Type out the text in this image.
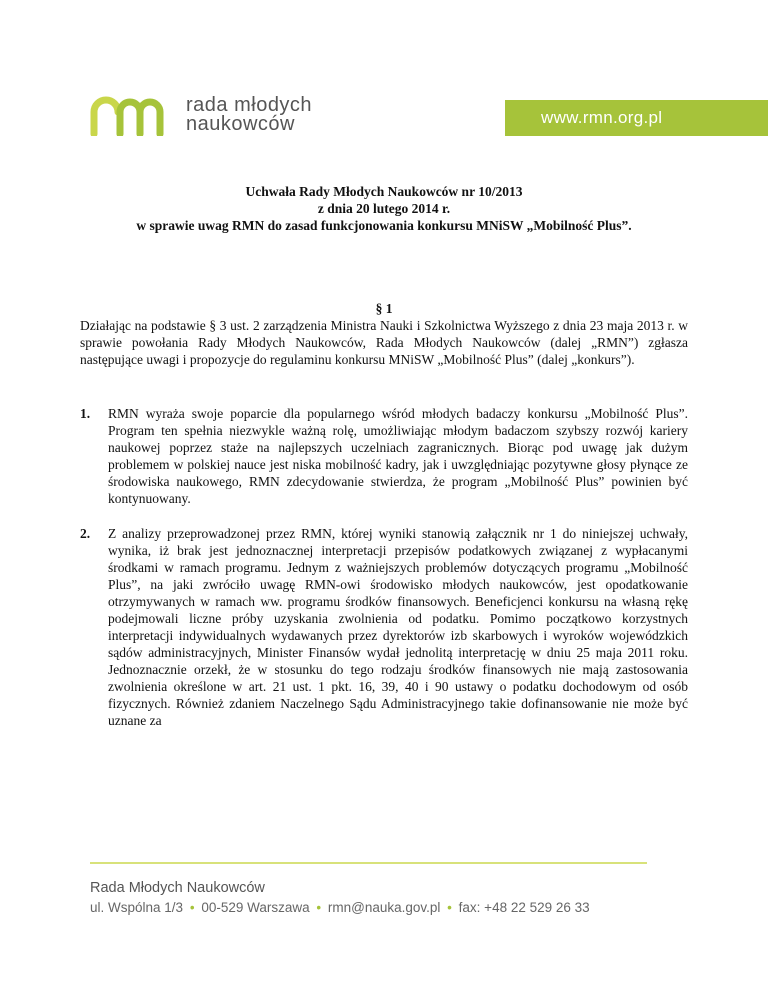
rada młodych
naukowców	www.rmn.org.pl
Uchwała Rady Młodych Naukowców nr 10/2013
z dnia 20 lutego 2014 r.
w sprawie uwag RMN do zasad funkcjonowania konkursu MNiSW „Mobilność Plus”.
§ 1
Działając na podstawie § 3 ust. 2 zarządzenia Ministra Nauki i Szkolnictwa Wyższego z dnia 23 maja 2013 r. w sprawie powołania Rady Młodych Naukowców, Rada Młodych Naukowców (dalej „RMN”) zgłasza następujące uwagi i propozycje do regulaminu konkursu MNiSW „Mobilność Plus” (dalej „konkurs”).
1. RMN wyraża swoje poparcie dla popularnego wśród młodych badaczy konkursu „Mobilność Plus”. Program ten spełnia niezwykle ważną rolę, umożliwiając młodym badaczom szybszy rozwój kariery naukowej poprzez staże na najlepszych uczelniach zagranicznych. Biorąc pod uwagę jak dużym problemem w polskiej nauce jest niska mobilność kadry, jak i uwzględniając pozytywne głosy płynące ze środowiska naukowego, RMN zdecydowanie stwierdza, że program „Mobilność Plus” powinien być kontynuowany.
2. Z analizy przeprowadzonej przez RMN, której wyniki stanowią załącznik nr 1 do niniejszej uchwały, wynika, iż brak jest jednoznacznej interpretacji przepisów podatkowych związanej z wypłacanymi środkami w ramach programu. Jednym z ważniejszych problemów dotyczących programu „Mobilność Plus”, na jaki zwróciło uwagę RMN-owi środowisko młodych naukowców, jest opodatkowanie otrzymywanych w ramach ww. programu środków finansowych. Beneficjenci konkursu na własną rękę podejmowali liczne próby uzyskania zwolnienia od podatku. Pomimo początkowo korzystnych interpretacji indywidualnych wydawanych przez dyrektorów izb skarbowych i wyroków wojewódzkich sądów administracyjnych, Minister Finansów wydał jednolitą interpretację w dniu 25 maja 2011 roku. Jednoznacznie orzekł, że w stosunku do tego rodzaju środków finansowych nie mają zastosowania zwolnienia określone w art. 21 ust. 1 pkt. 16, 39, 40 i 90 ustawy o podatku dochodowym od osób fizycznych. Również zdaniem Naczelnego Sądu Administracyjnego takie dofinansowanie nie może być uznane za
Rada Młodych Naukowców
ul. Wspólna 1/3 • 00-529 Warszawa • rmn@nauka.gov.pl • fax: +48 22 529 26 33
